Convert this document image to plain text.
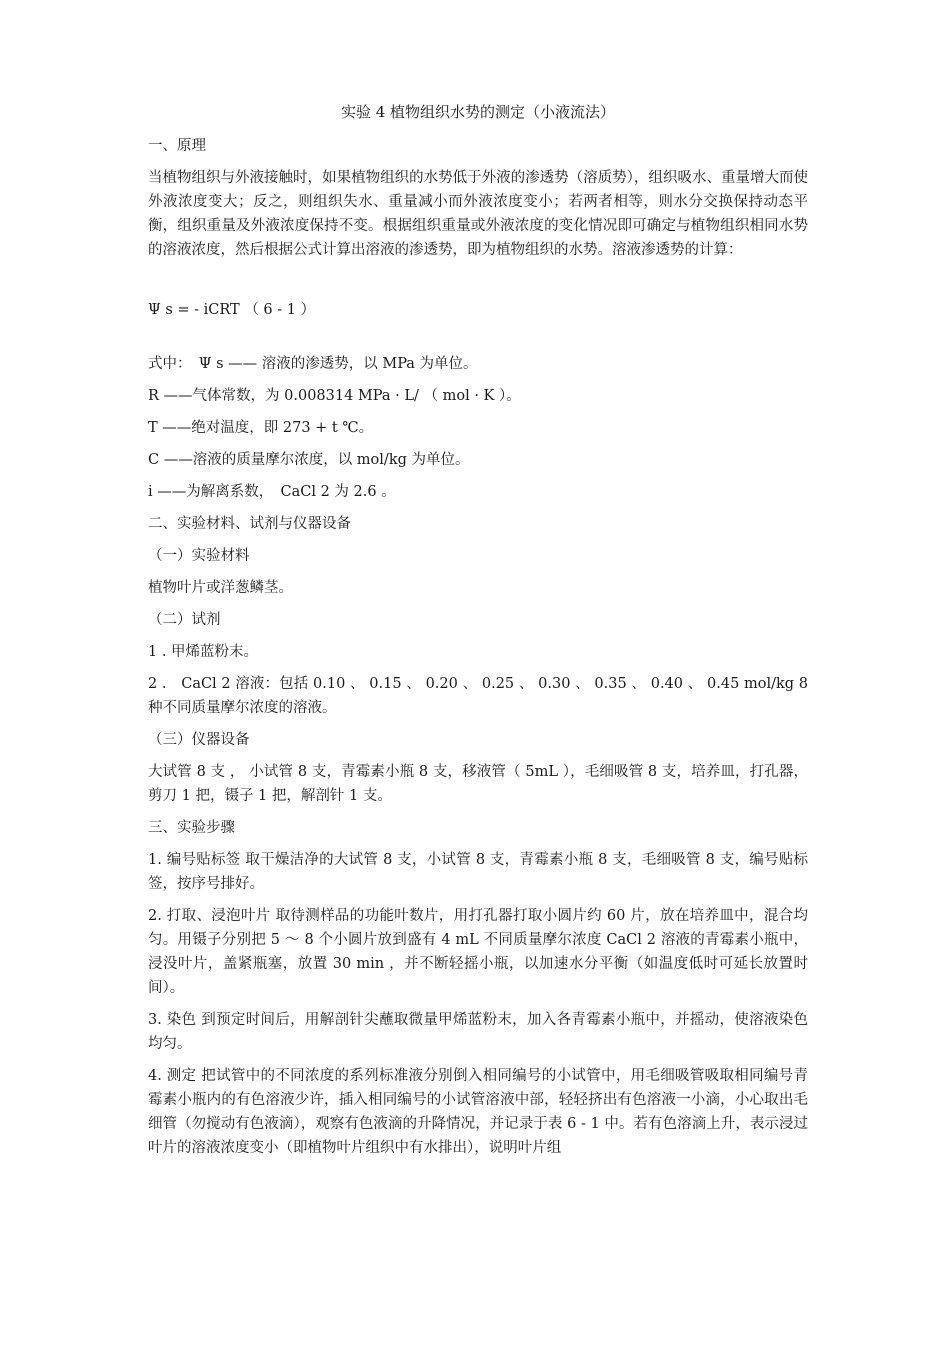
实验 4 植物组织水势的测定（小液流法）

一、原理

当植物组织与外液接触时，如果植物组织的水势低于外液的渗透势（溶质势），组织吸水、重量增大而使外液浓度变大；反之，则组织失水、重量减小而外液浓度变小；若两者相等，则水分交换保持动态平衡，组织重量及外液浓度保持不变。根据组织重量或外液浓度的变化情况即可确定与植物组织相同水势的溶液浓度，然后根据公式计算出溶液的渗透势，即为植物组织的水势。溶液渗透势的计算：

Ψ s = - iCRT （ 6 - 1 ）

式中：　Ψ s —— 溶液的渗透势，以 MPa 为单位。

R ——气体常数，为 0.008314 MPa · L/ （ mol · K ）。

T ——绝对温度，即 273 + t ℃。

C ——溶液的质量摩尔浓度，以 mol/kg 为单位。

i ——为解离系数，　CaCl 2 为 2.6 。

二、实验材料、试剂与仪器设备

（一）实验材料

植物叶片或洋葱鳞茎。

（二）试剂

1 . 甲烯蓝粉末。

2 .　CaCl 2 溶液：包括 0.10 、 0.15 、 0.20 、 0.25 、 0.30 、 0.35 、 0.40 、 0.45 mol/kg 8 种不同质量摩尔浓度的溶液。

（三）仪器设备

大试管 8 支 ， 小试管 8 支，青霉素小瓶 8 支，移液管（ 5mL ），毛细吸管 8 支，培养皿，打孔器，剪刀 1 把，镊子 1 把，解剖针 1 支。

三、实验步骤

1. 编号贴标签 取干燥洁净的大试管 8 支，小试管 8 支，青霉素小瓶 8 支，毛细吸管 8 支，编号贴标签，按序号排好。

2. 打取、浸泡叶片 取待测样品的功能叶数片，用打孔器打取小圆片约 60 片，放在培养皿中，混合均匀。用镊子分别把 5 ～ 8 个小圆片放到盛有 4 mL 不同质量摩尔浓度 CaCl 2 溶液的青霉素小瓶中，浸没叶片，盖紧瓶塞，放置 30 min ，并不断轻摇小瓶，以加速水分平衡（如温度低时可延长放置时间）。

3. 染色 到预定时间后，用解剖针尖蘸取微量甲烯蓝粉末，加入各青霉素小瓶中，并摇动，使溶液染色均匀。

4. 测定 把试管中的不同浓度的系列标准液分别倒入相同编号的小试管中，用毛细吸管吸取相同编号青霉素小瓶内的有色溶液少许，插入相同编号的小试管溶液中部，轻轻挤出有色溶液一小滴，小心取出毛细管（勿搅动有色液滴），观察有色液滴的升降情况，并记录于表 6 - 1 中。若有色溶滴上升，表示浸过叶片的溶液浓度变小（即植物叶片组织中有水排出），说明叶片组
